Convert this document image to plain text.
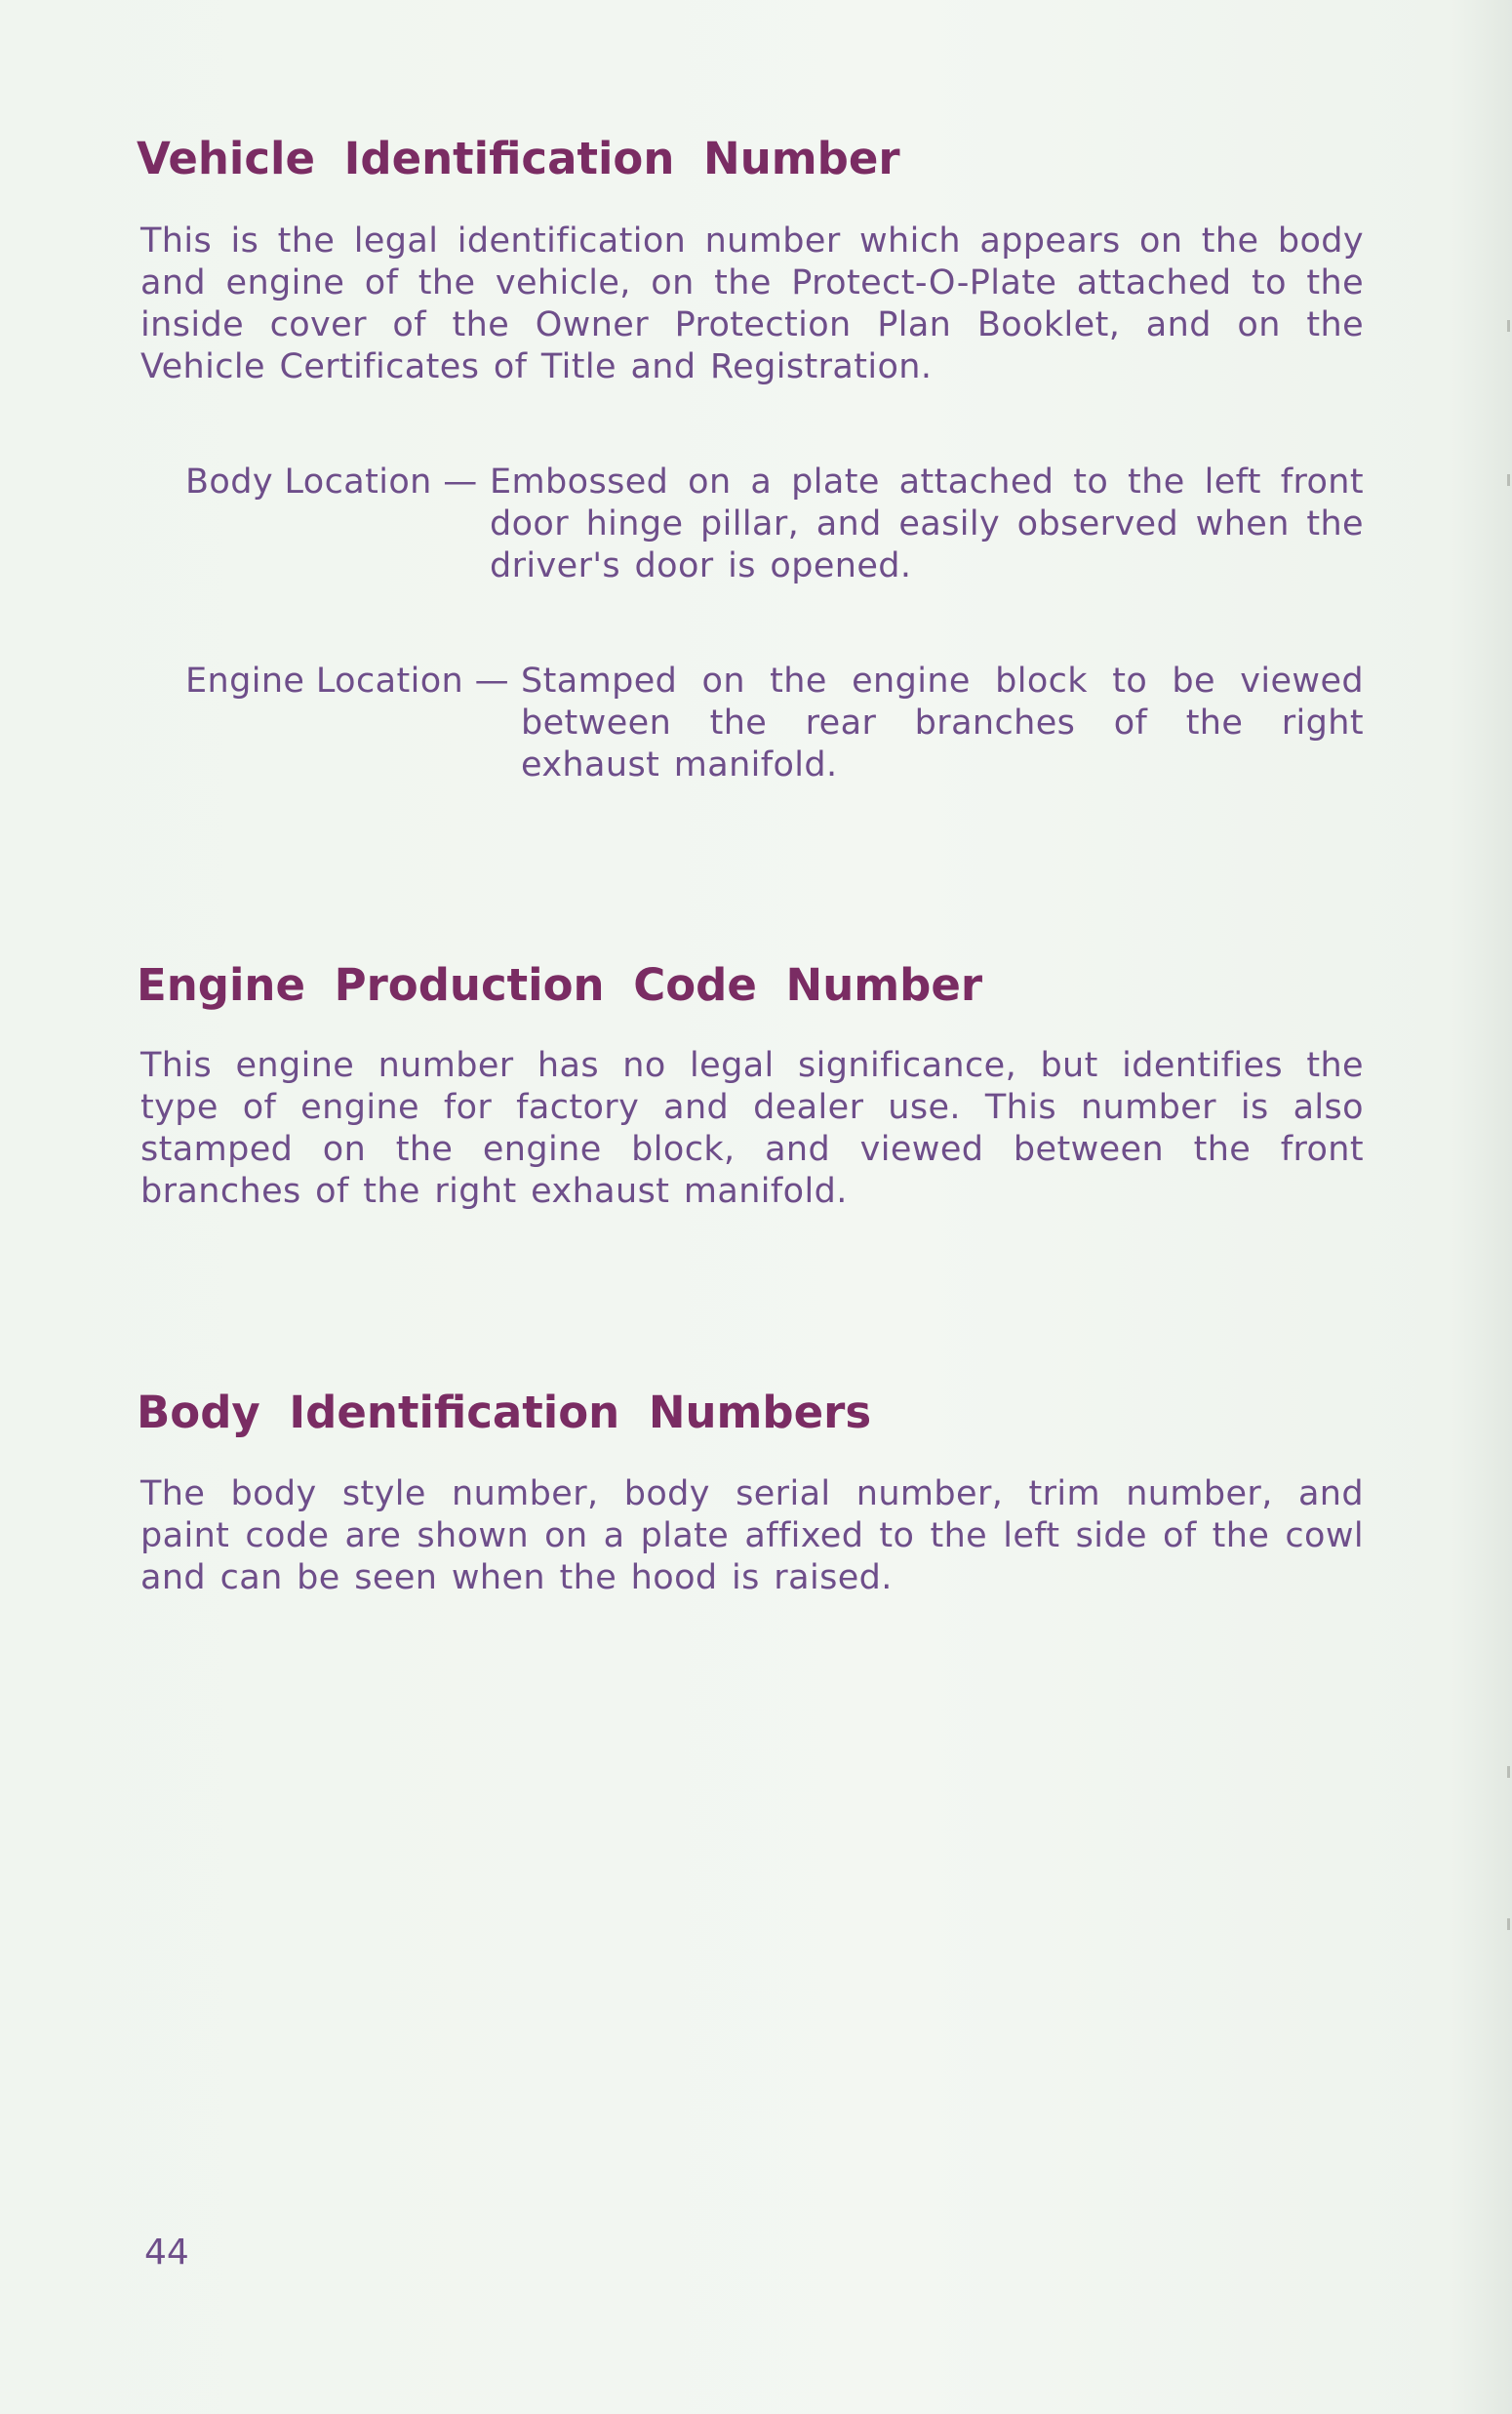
Vehicle Identification Number

This is the legal identification number which appears on the body and engine of the vehicle, on the Protect-O-Plate attached to the inside cover of the Owner Protection Plan Booklet, and on the Vehicle Certificates of Title and Registration.

Body Location — Embossed on a plate attached to the left front door hinge pillar, and easily observed when the driver's door is opened.

Engine Location — Stamped on the engine block to be viewed between the rear branches of the right exhaust manifold.

Engine Production Code Number

This engine number has no legal significance, but identifies the type of engine for factory and dealer use. This number is also stamped on the engine block, and viewed between the front branches of the right exhaust manifold.

Body Identification Numbers

The body style number, body serial number, trim number, and paint code are shown on a plate affixed to the left side of the cowl and can be seen when the hood is raised.

44
